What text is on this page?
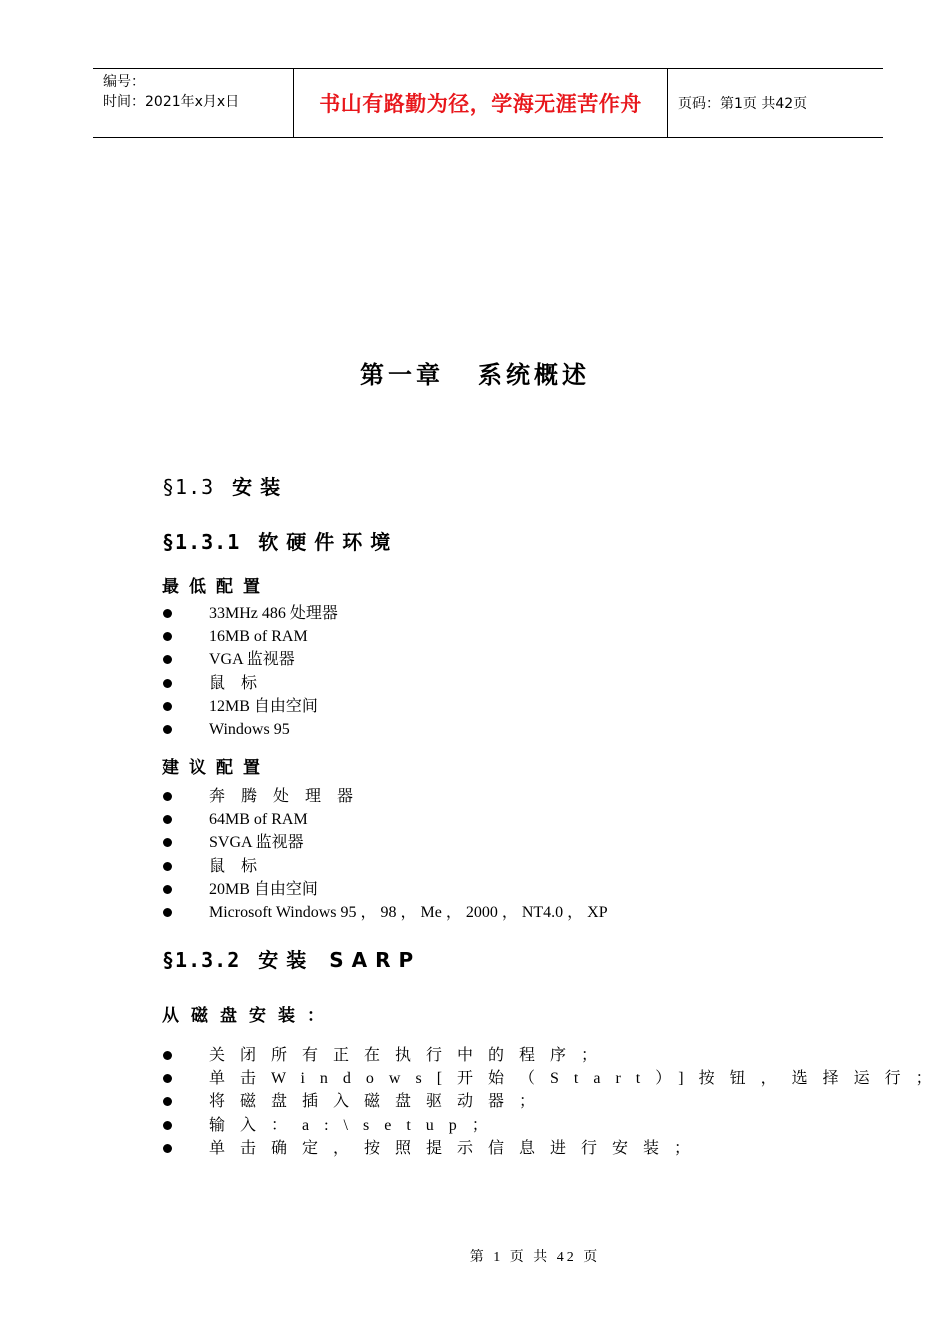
编号：
时间：2021年x月x日	书山有路勤为径，学海无涯苦作舟	页码：第1页 共42页
第一章 系统概述
§1.3 安装
§1.3.1 软硬件环境
最低配置
33MHz 486 处理器
16MB of RAM
VGA 监视器
鼠标
12MB 自由空间
Windows 95
建议配置
奔腾处理器
64MB of RAM
SVGA 监视器
鼠标
20MB 自由空间
Microsoft Windows 95 ， 98 ， Me ， 2000 ， NT4.0 ， XP
§1.3.2 安装 SARP
从磁盘安装：
关闭所有正在执行中的程序；
单击Windows[开始（Start）]按钮，选择运行；
将磁盘插入磁盘驱动器；
输入：a:\setup；
单击确定，按照提示信息进行安装；
第 1 页 共 42 页
